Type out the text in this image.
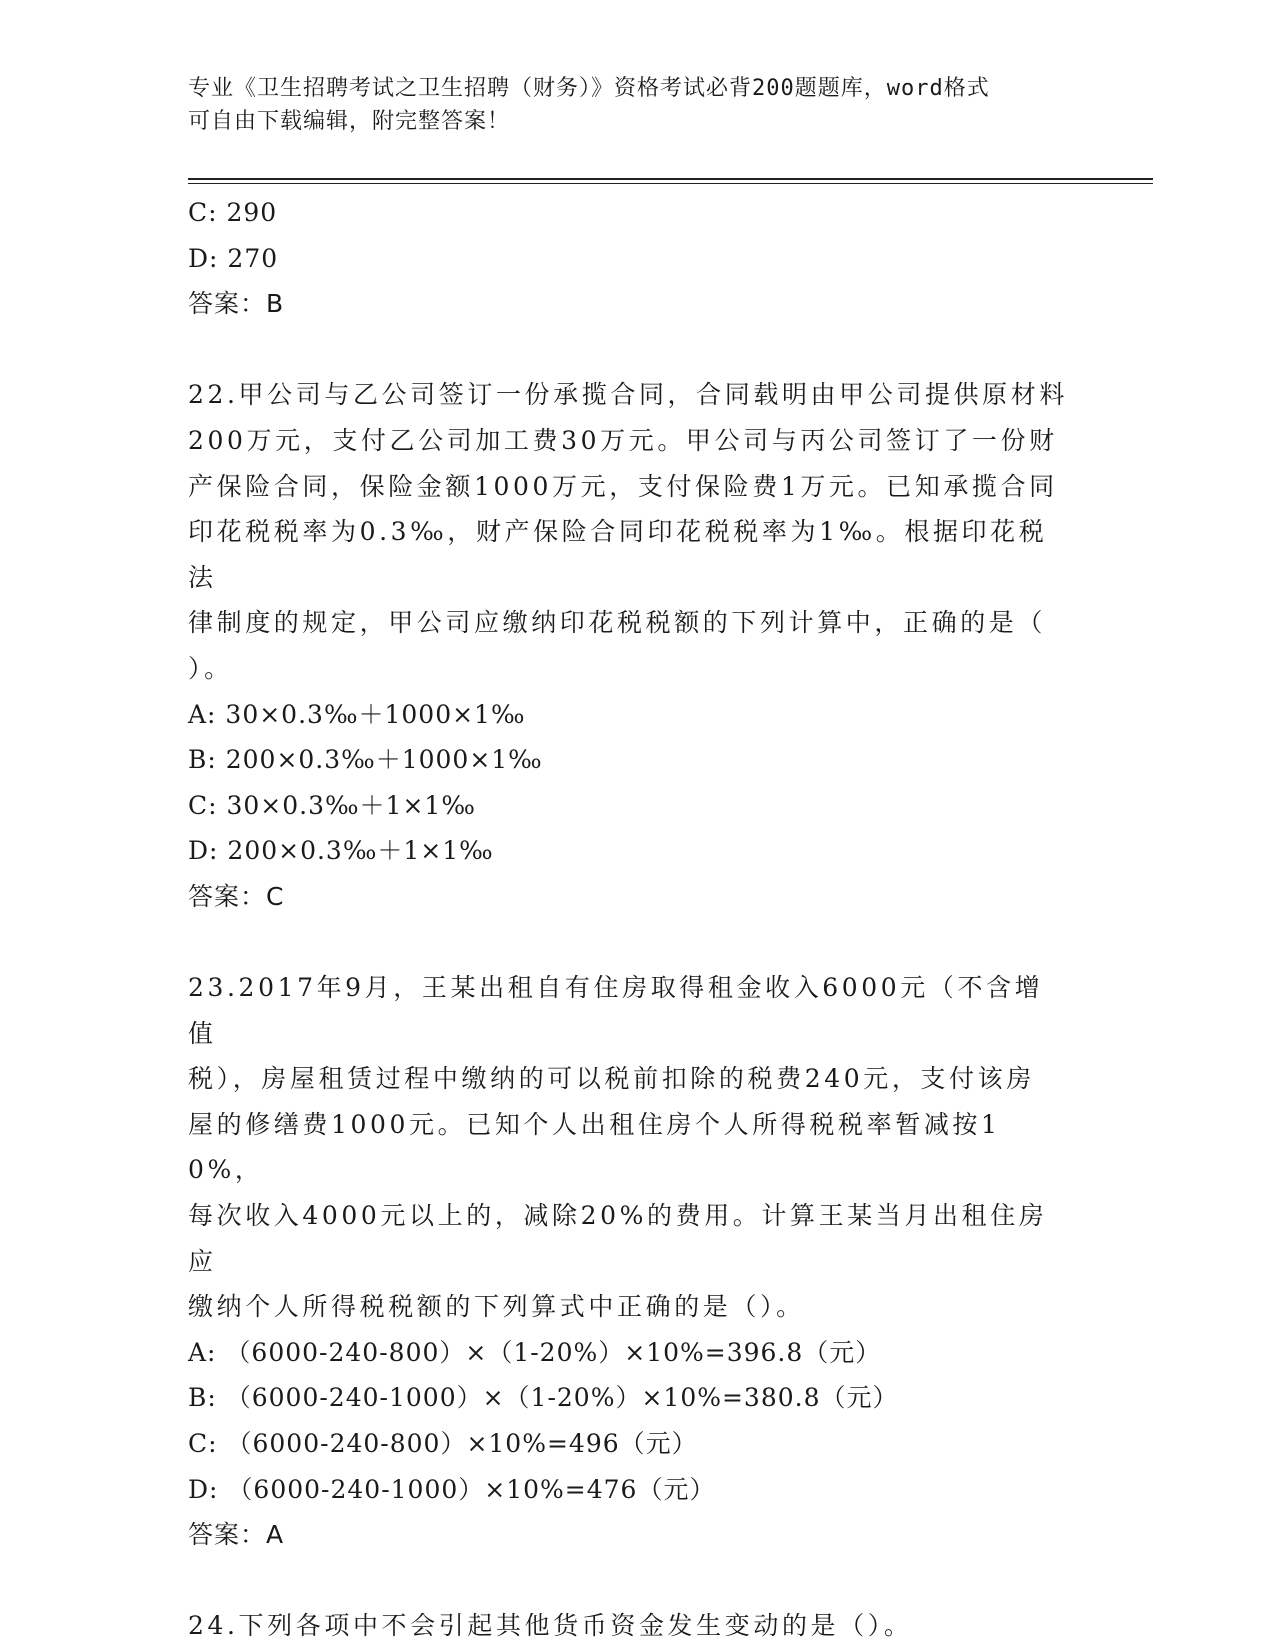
专业《卫生招聘考试之卫生招聘（财务）》资格考试必背200题题库，word格式
可自由下载编辑，附完整答案！
C: 290
D: 270
答案：B
22.甲公司与乙公司签订一份承揽合同，合同载明由甲公司提供原材料
200万元，支付乙公司加工费30万元。甲公司与丙公司签订了一份财
产保险合同，保险金额1000万元，支付保险费1万元。已知承揽合同
印花税税率为0.3‰，财产保险合同印花税税率为1‰。根据印花税法
律制度的规定，甲公司应缴纳印花税税额的下列计算中，正确的是（
）。
A: 30×0.3‰＋1000×1‰
B: 200×0.3‰＋1000×1‰
C: 30×0.3‰＋1×1‰
D: 200×0.3‰＋1×1‰
答案：C
23.2017年9月，王某出租自有住房取得租金收入6000元（不含增值
税），房屋租赁过程中缴纳的可以税前扣除的税费240元，支付该房
屋的修缮费1000元。已知个人出租住房个人所得税税率暂减按10%，
每次收入4000元以上的，减除20%的费用。计算王某当月出租住房应
缴纳个人所得税税额的下列算式中正确的是（）。
A: （6000-240-800）×（1-20%）×10%=396.8（元）
B: （6000-240-1000）×（1-20%）×10%=380.8（元）
C: （6000-240-800）×10%=496（元）
D: （6000-240-1000）×10%=476（元）
答案：A
24.下列各项中不会引起其他货币资金发生变动的是（）。
